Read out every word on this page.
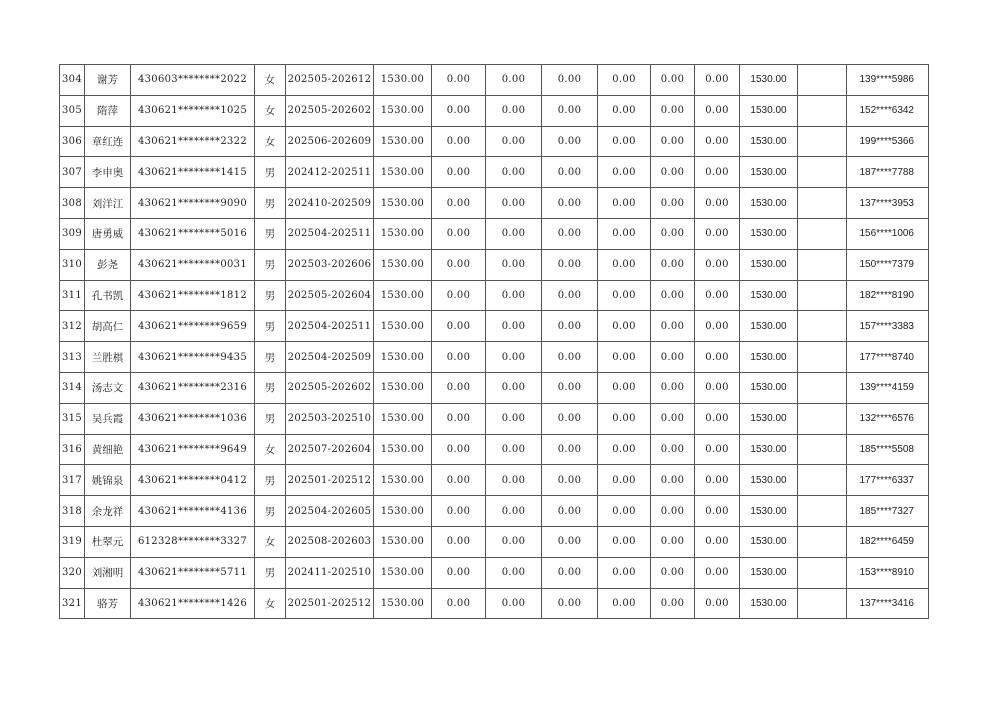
304	谢芳	430603********2022	女	202505-202612	1530.00	0.00	0.00	0.00	0.00	0.00	0.00	1530.00		139****5986
305	隋萍	430621********1025	女	202505-202602	1530.00	0.00	0.00	0.00	0.00	0.00	0.00	1530.00		152****6342
306	章红连	430621********2322	女	202506-202609	1530.00	0.00	0.00	0.00	0.00	0.00	0.00	1530.00		199****5366
307	李申奥	430621********1415	男	202412-202511	1530.00	0.00	0.00	0.00	0.00	0.00	0.00	1530.00		187****7788
308	刘洋江	430621********9090	男	202410-202509	1530.00	0.00	0.00	0.00	0.00	0.00	0.00	1530.00		137****3953
309	唐勇威	430621********5016	男	202504-202511	1530.00	0.00	0.00	0.00	0.00	0.00	0.00	1530.00		156****1006
310	彭尧	430621********0031	男	202503-202606	1530.00	0.00	0.00	0.00	0.00	0.00	0.00	1530.00		150****7379
311	孔书凯	430621********1812	男	202505-202604	1530.00	0.00	0.00	0.00	0.00	0.00	0.00	1530.00		182****8190
312	胡高仁	430621********9659	男	202504-202511	1530.00	0.00	0.00	0.00	0.00	0.00	0.00	1530.00		157****3383
313	兰胜棋	430621********9435	男	202504-202509	1530.00	0.00	0.00	0.00	0.00	0.00	0.00	1530.00		177****8740
314	汤志文	430621********2316	男	202505-202602	1530.00	0.00	0.00	0.00	0.00	0.00	0.00	1530.00		139****4159
315	吴兵霞	430621********1036	男	202503-202510	1530.00	0.00	0.00	0.00	0.00	0.00	0.00	1530.00		132****6576
316	黄细艳	430621********9649	女	202507-202604	1530.00	0.00	0.00	0.00	0.00	0.00	0.00	1530.00		185****5508
317	姚锦泉	430621********0412	男	202501-202512	1530.00	0.00	0.00	0.00	0.00	0.00	0.00	1530.00		177****6337
318	余龙祥	430621********4136	男	202504-202605	1530.00	0.00	0.00	0.00	0.00	0.00	0.00	1530.00		185****7327
319	杜翠元	612328********3327	女	202508-202603	1530.00	0.00	0.00	0.00	0.00	0.00	0.00	1530.00		182****6459
320	刘湘明	430621********5711	男	202411-202510	1530.00	0.00	0.00	0.00	0.00	0.00	0.00	1530.00		153****8910
321	骆芳	430621********1426	女	202501-202512	1530.00	0.00	0.00	0.00	0.00	0.00	0.00	1530.00		137****3416
